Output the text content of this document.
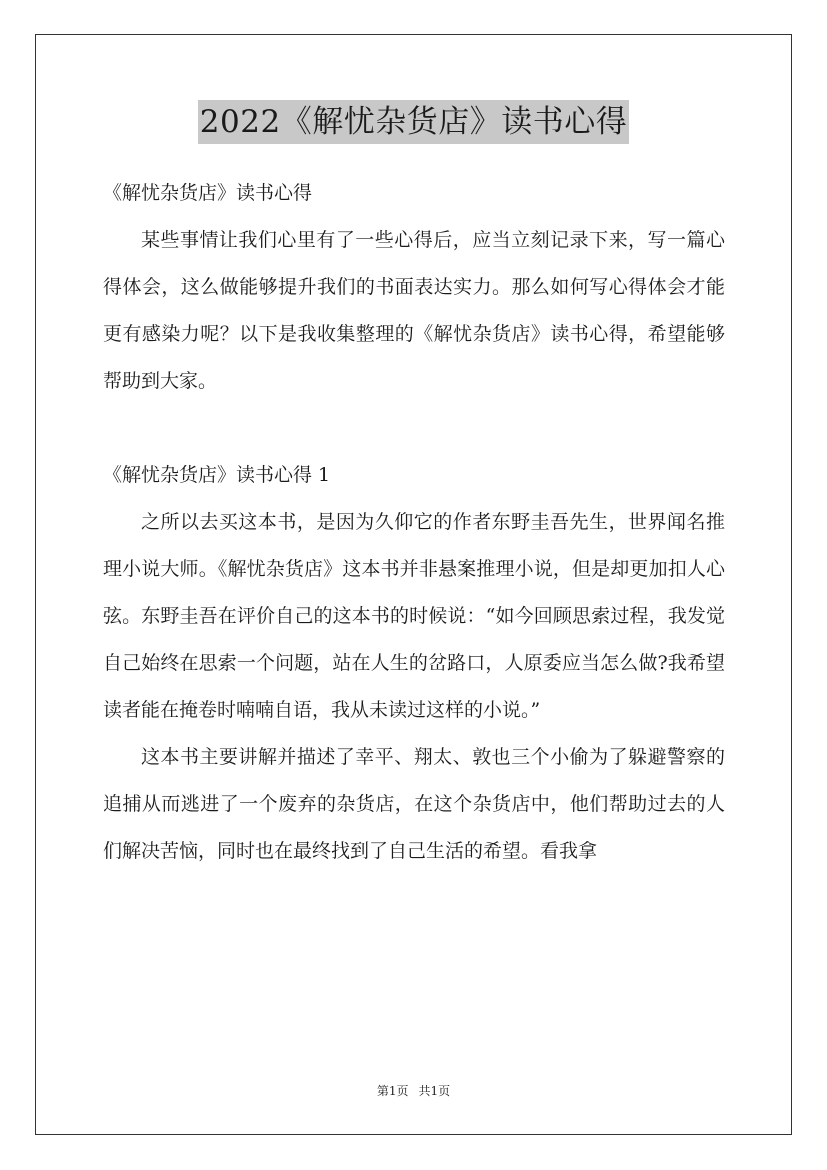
2022《解忧杂货店》读书心得

《解忧杂货店》读书心得

某些事情让我们心里有了一些心得后，应当立刻记录下来，写一篇心得体会，这么做能够提升我们的书面表达实力。那么如何写心得体会才能更有感染力呢？以下是我收集整理的《解忧杂货店》读书心得，希望能够帮助到大家。

《解忧杂货店》读书心得 1

之所以去买这本书，是因为久仰它的作者东野圭吾先生，世界闻名推理小说大师。《解忧杂货店》这本书并非悬案推理小说，但是却更加扣人心弦。东野圭吾在评价自己的这本书的时候说：“如今回顾思索过程，我发觉自己始终在思索一个问题，站在人生的岔路口，人原委应当怎么做?我希望读者能在掩卷时喃喃自语，我从未读过这样的小说。”

这本书主要讲解并描述了幸平、翔太、敦也三个小偷为了躲避警察的追捕从而逃进了一个废弃的杂货店，在这个杂货店中，他们帮助过去的人们解决苦恼，同时也在最终找到了自己生活的希望。看我拿

第1页 共1页
